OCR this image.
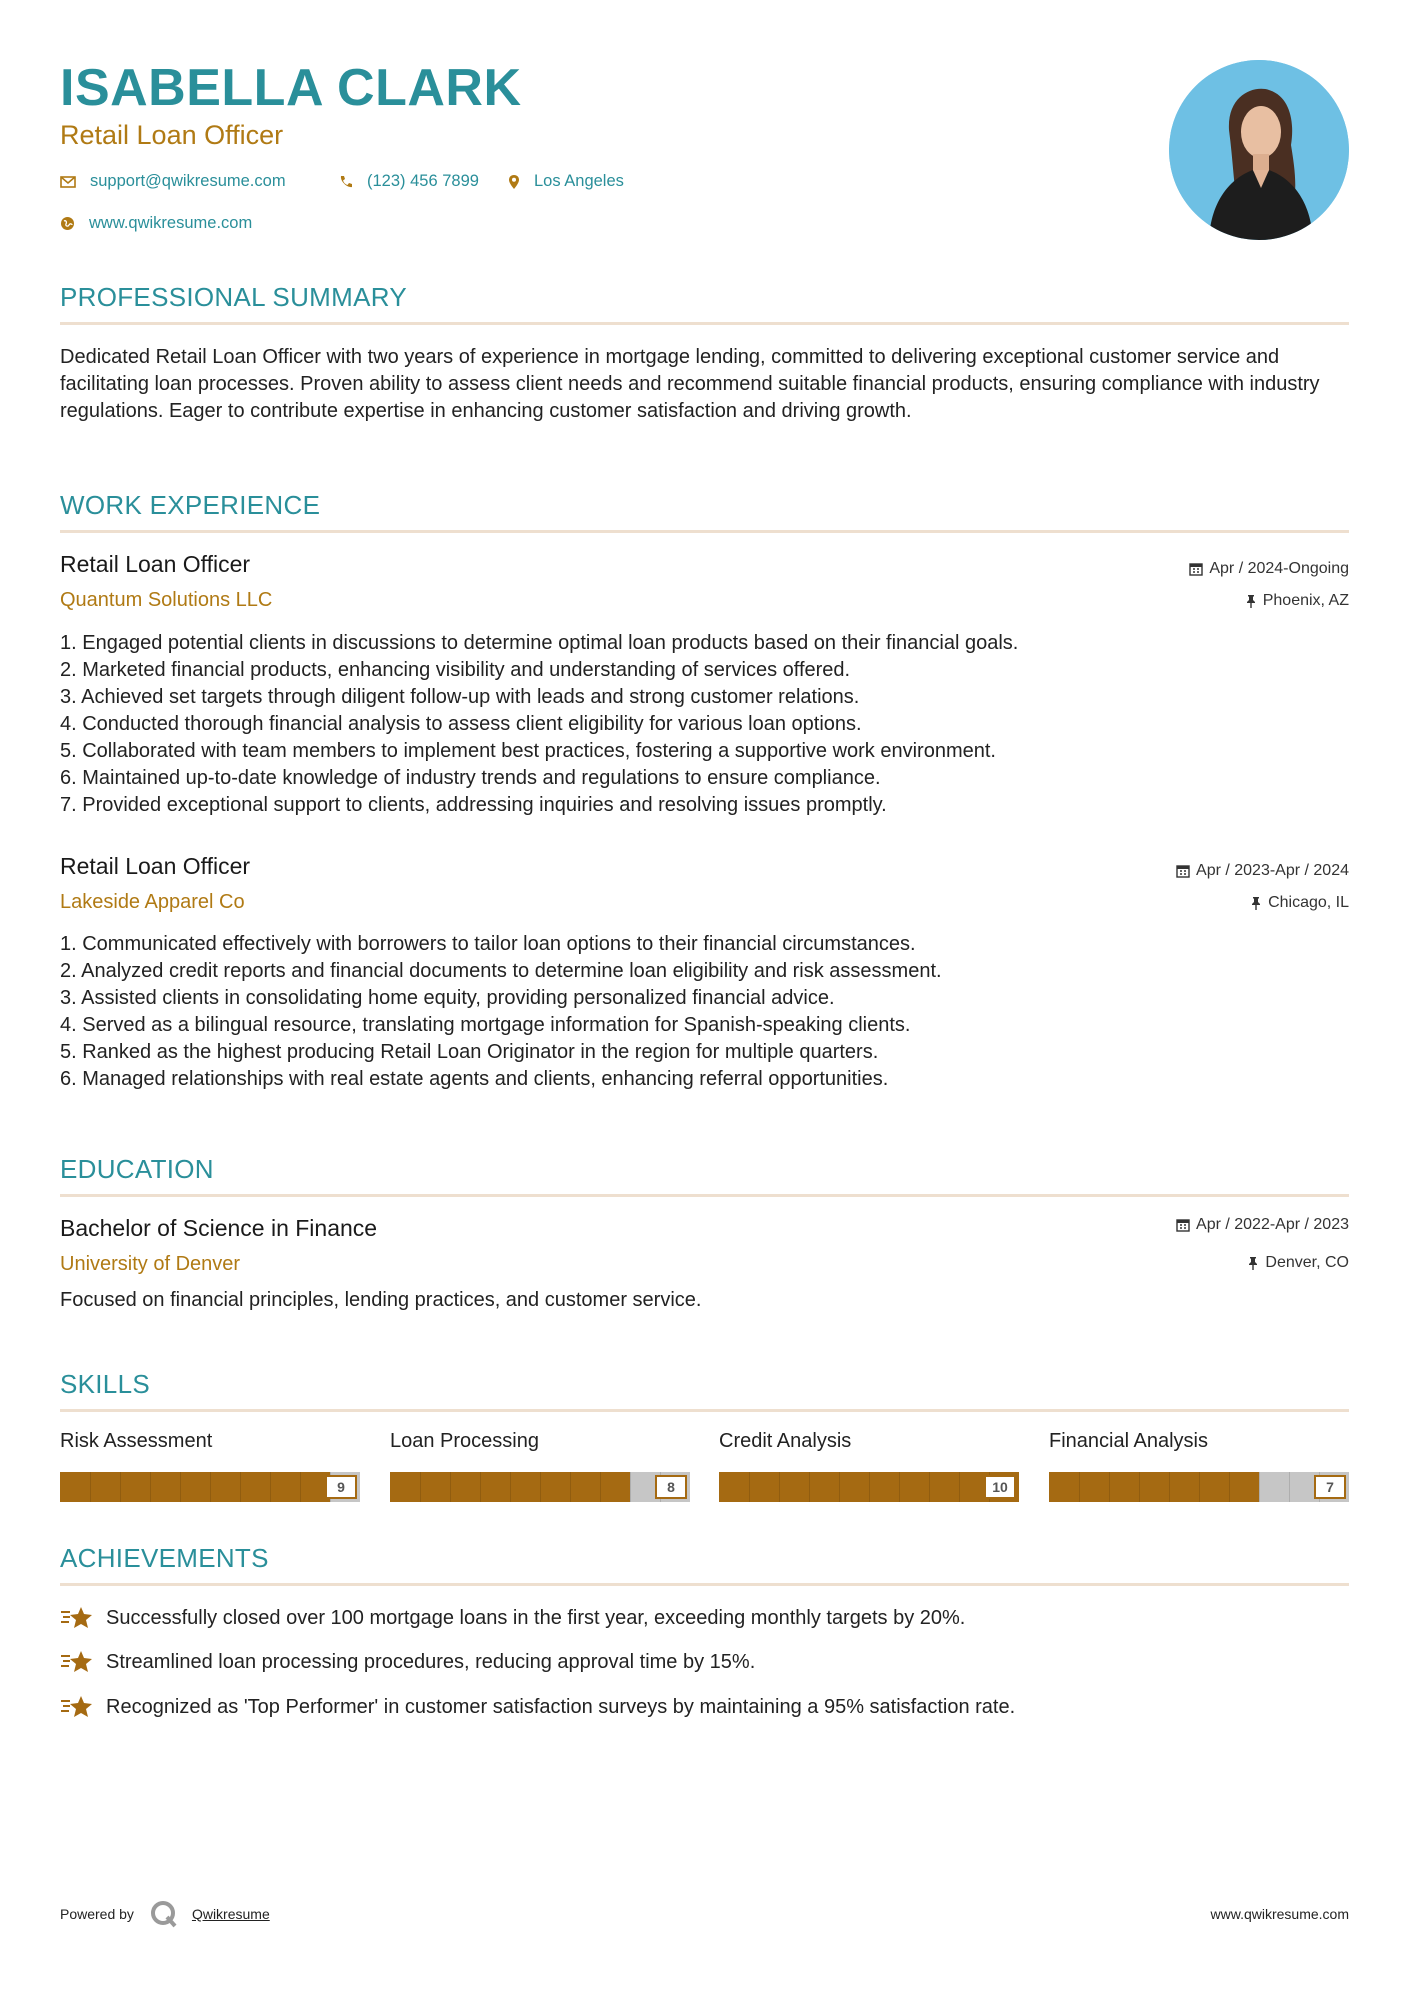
ISABELLA CLARK
Retail Loan Officer
support@qwikresume.com	(123) 456 7899	Los Angeles
www.qwikresume.com
PROFESSIONAL SUMMARY
Dedicated Retail Loan Officer with two years of experience in mortgage lending, committed to delivering exceptional customer service and facilitating loan processes. Proven ability to assess client needs and recommend suitable financial products, ensuring compliance with industry regulations. Eager to contribute expertise in enhancing customer satisfaction and driving growth.
WORK EXPERIENCE
Retail Loan Officer
Quantum Solutions LLC
Apr / 2024-Ongoing
Phoenix, AZ
1. Engaged potential clients in discussions to determine optimal loan products based on their financial goals.
2. Marketed financial products, enhancing visibility and understanding of services offered.
3. Achieved set targets through diligent follow-up with leads and strong customer relations.
4. Conducted thorough financial analysis to assess client eligibility for various loan options.
5. Collaborated with team members to implement best practices, fostering a supportive work environment.
6. Maintained up-to-date knowledge of industry trends and regulations to ensure compliance.
7. Provided exceptional support to clients, addressing inquiries and resolving issues promptly.
Retail Loan Officer
Lakeside Apparel Co
Apr / 2023-Apr / 2024
Chicago, IL
1. Communicated effectively with borrowers to tailor loan options to their financial circumstances.
2. Analyzed credit reports and financial documents to determine loan eligibility and risk assessment.
3. Assisted clients in consolidating home equity, providing personalized financial advice.
4. Served as a bilingual resource, translating mortgage information for Spanish-speaking clients.
5. Ranked as the highest producing Retail Loan Originator in the region for multiple quarters.
6. Managed relationships with real estate agents and clients, enhancing referral opportunities.
EDUCATION
Bachelor of Science in Finance
University of Denver
Apr / 2022-Apr / 2023
Denver, CO
Focused on financial principles, lending practices, and customer service.
SKILLS
Risk Assessment
9
Loan Processing
8
Credit Analysis
10
Financial Analysis
7
ACHIEVEMENTS
Successfully closed over 100 mortgage loans in the first year, exceeding monthly targets by 20%.
Streamlined loan processing procedures, reducing approval time by 15%.
Recognized as 'Top Performer' in customer satisfaction surveys by maintaining a 95% satisfaction rate.
Powered by	Qwikresume	www.qwikresume.com
